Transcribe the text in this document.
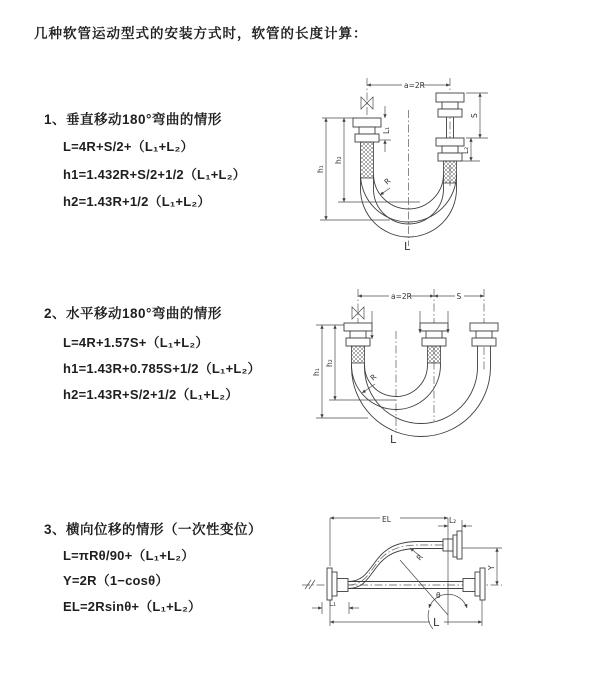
几种软管运动型式的安装方式时，软管的长度计算：
1、垂直移动180°弯曲的情形
L=4R+S/2+（L₁+L₂）
h1=1.432R+S/2+1/2（L₁+L₂）
h2=1.43R+1/2（L₁+L₂）
2、水平移动180°弯曲的情形
L=4R+1.57S+（L₁+L₂）
h1=1.43R+0.785S+1/2（L₁+L₂）
h2=1.43R+S/2+1/2（L₁+L₂）
3、横向位移的情形（一次性变位）
L=πRθ/90+（L₁+L₂）
Y=2R（1−cosθ）
EL=2Rsinθ+（L₁+L₂）
a=2R
h₁
h₂
L₁
S
L₂
R
L
a=2R	S
h₁
h₂
R
L
EL	L₂
Y
R
θ
L₁
L
